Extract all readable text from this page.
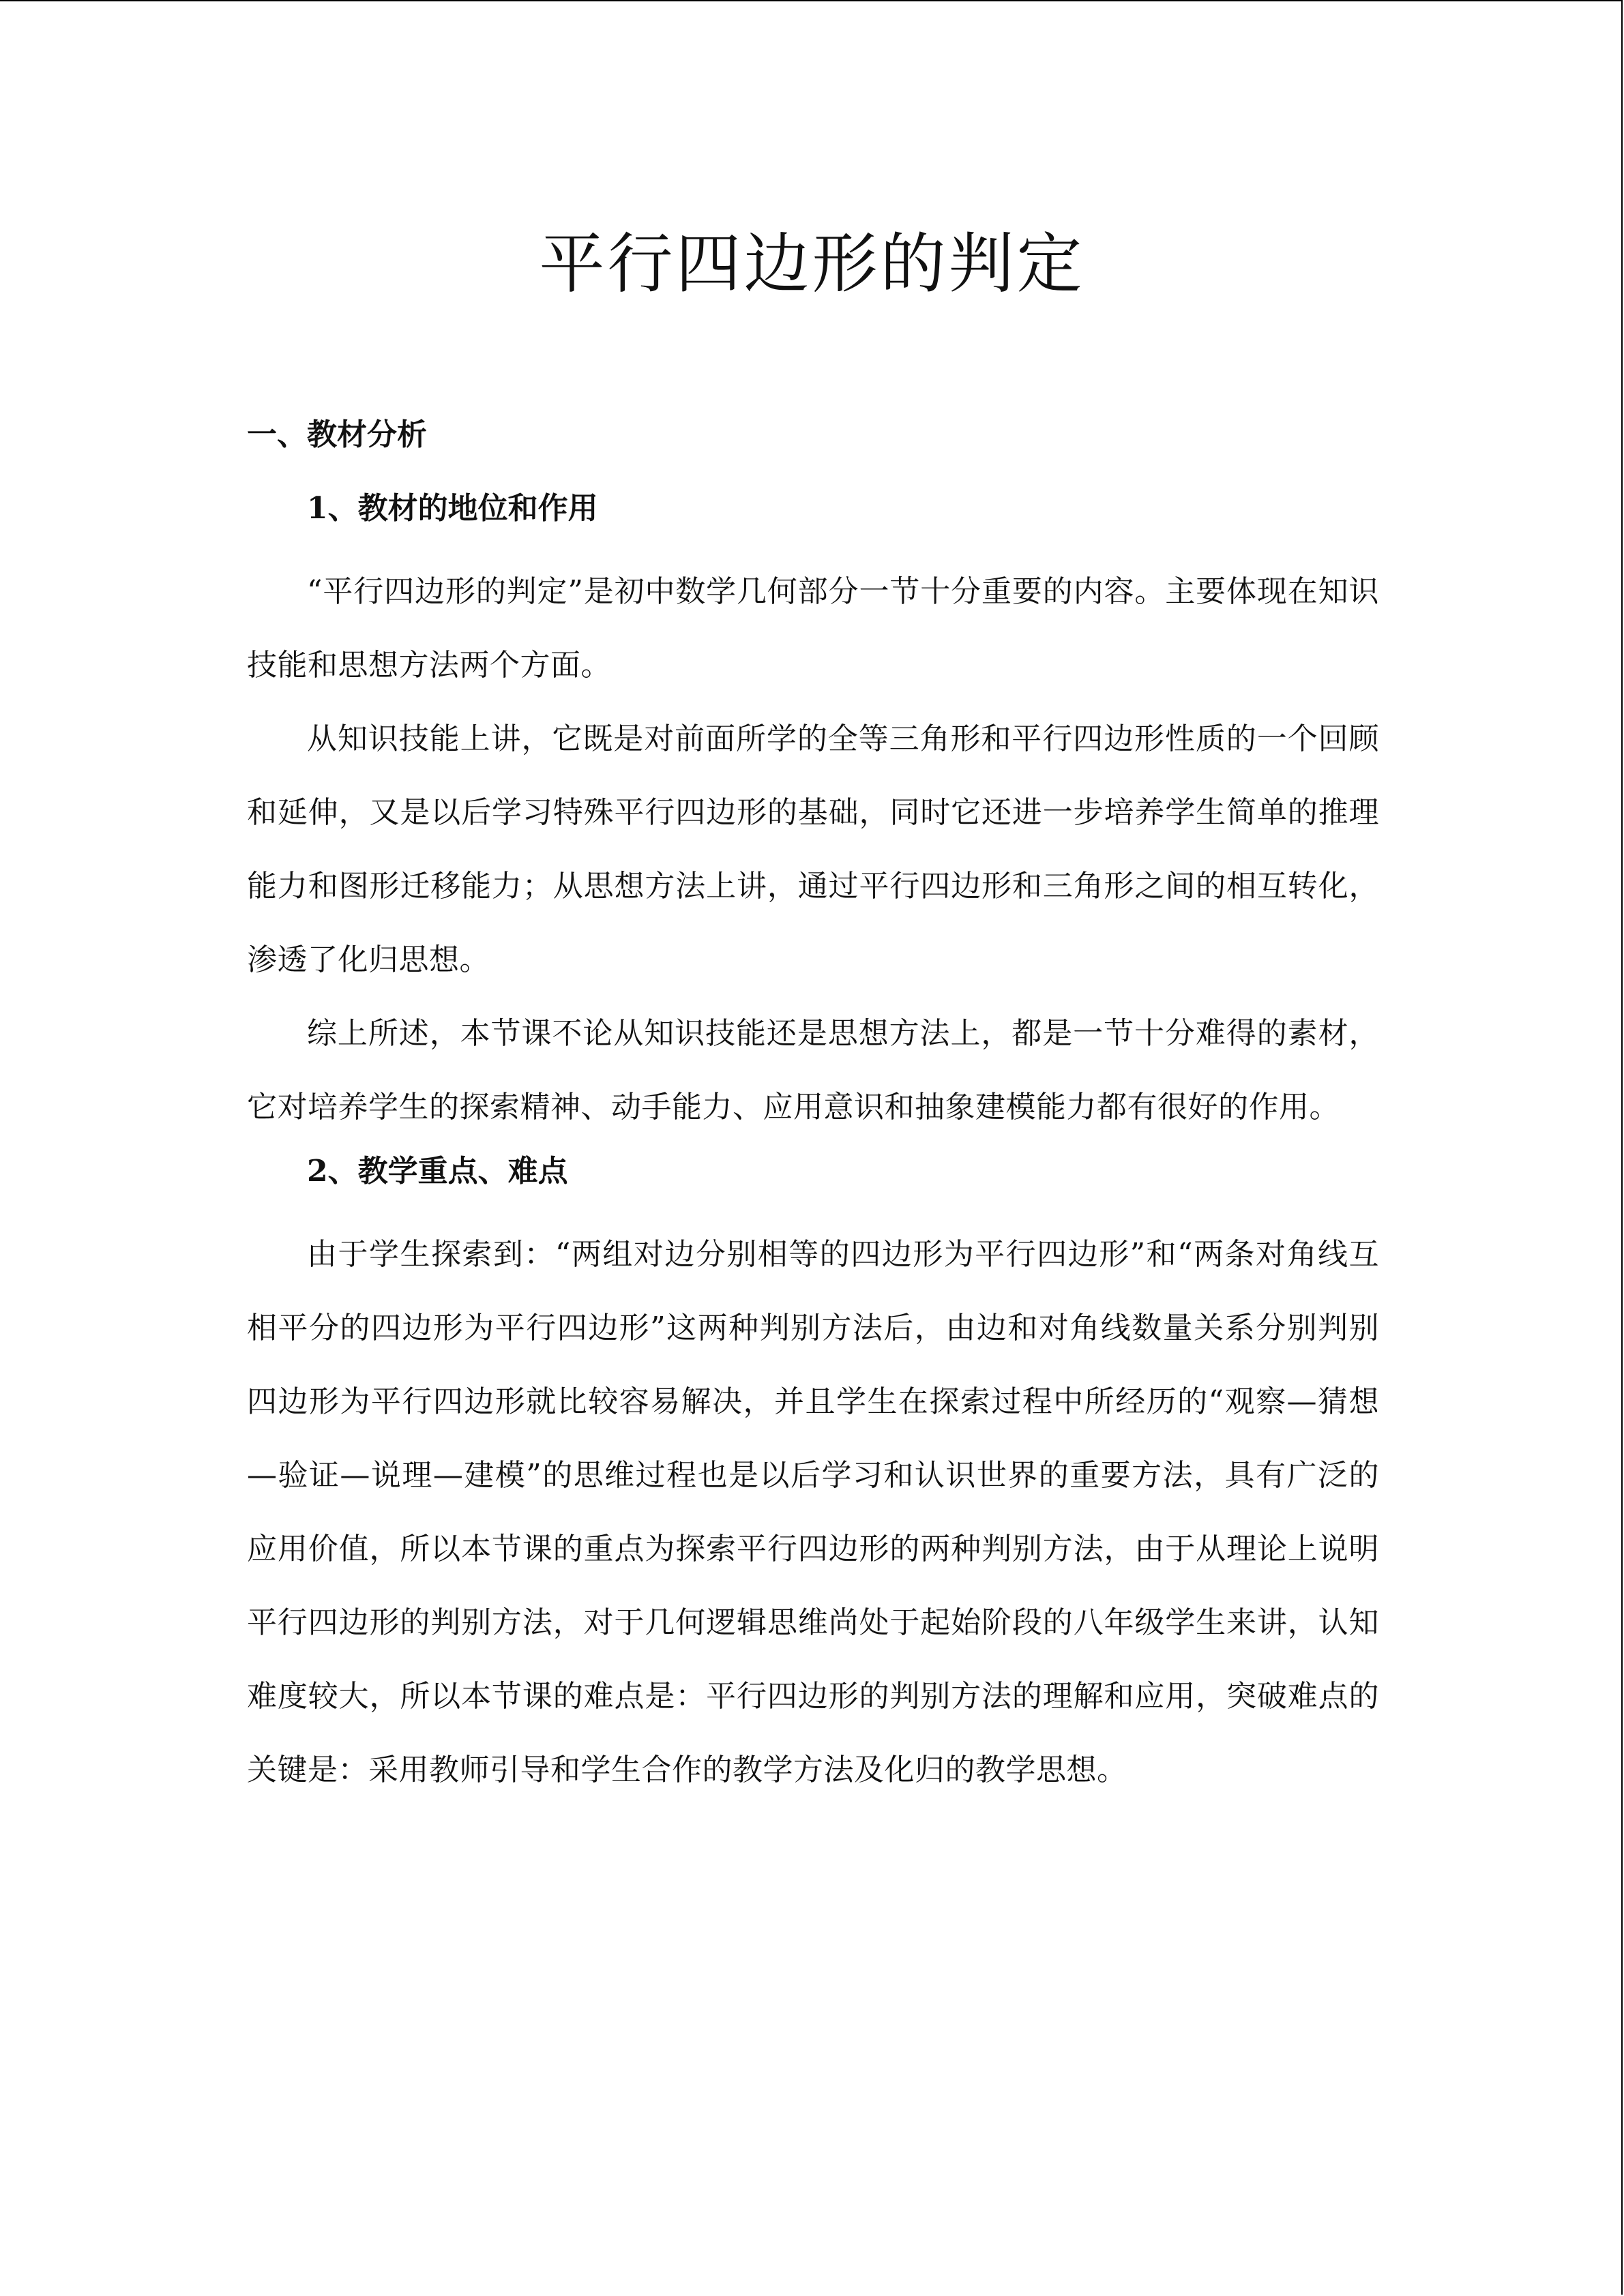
平行四边形的判定
一、教材分析
1、教材的地位和作用

“平行四边形的判定”是初中数学几何部分一节十分重要的内容。主要体现在知识技能和思想方法两个方面。

从知识技能上讲，它既是对前面所学的全等三角形和平行四边形性质的一个回顾和延伸，又是以后学习特殊平行四边形的基础，同时它还进一步培养学生简单的推理能力和图形迁移能力；从思想方法上讲，通过平行四边形和三角形之间的相互转化，渗透了化归思想。

综上所述，本节课不论从知识技能还是思想方法上，都是一节十分难得的素材，它对培养学生的探索精神、动手能力、应用意识和抽象建模能力都有很好的作用。

2、教学重点、难点

由于学生探索到：“两组对边分别相等的四边形为平行四边形”和“两条对角线互相平分的四边形为平行四边形”这两种判别方法后，由边和对角线数量关系分别判别四边形为平行四边形就比较容易解决，并且学生在探索过程中所经历的“观察—猜想—验证—说理—建模”的思维过程也是以后学习和认识世界的重要方法，具有广泛的应用价值，所以本节课的重点为探索平行四边形的两种判别方法，由于从理论上说明平行四边形的判别方法，对于几何逻辑思维尚处于起始阶段的八年级学生来讲，认知难度较大，所以本节课的难点是：平行四边形的判别方法的理解和应用，突破难点的关键是：采用教师引导和学生合作的教学方法及化归的教学思想。
